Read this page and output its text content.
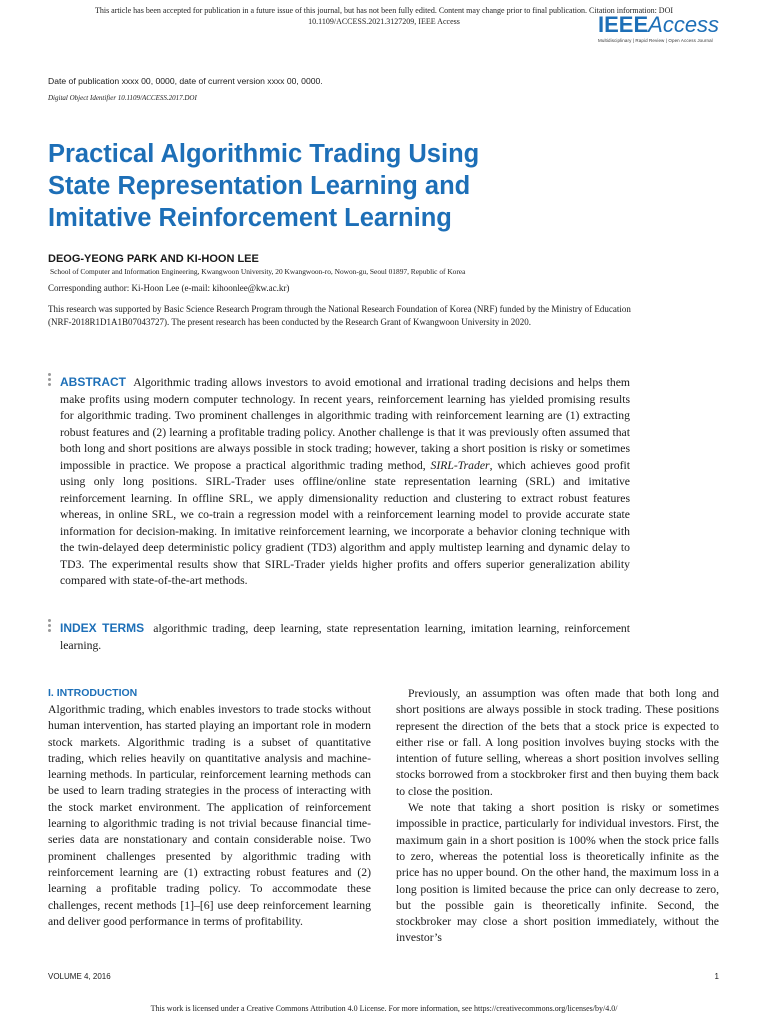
This article has been accepted for publication in a future issue of this journal, but has not been fully edited. Content may change prior to final publication. Citation information: DOI
10.1109/ACCESS.2021.3127209, IEEE Access	IEEEAccess
Multidisciplinary | Rapid Review | Open Access Journal
Date of publication xxxx 00, 0000, date of current version xxxx 00, 0000.
Digital Object Identifier 10.1109/ACCESS.2017.DOI
Practical Algorithmic Trading Using
State Representation Learning and
Imitative Reinforcement Learning
DEOG-YEONG PARK AND KI-HOON LEE
School of Computer and Information Engineering, Kwangwoon University, 20 Kwangwoon-ro, Nowon-gu, Seoul 01897, Republic of Korea
Corresponding author: Ki-Hoon Lee (e-mail: kihoonlee@kw.ac.kr)
This research was supported by Basic Science Research Program through the National Research Foundation of Korea (NRF) funded by the Ministry of Education (NRF-2018R1D1A1B07043727). The present research has been conducted by the Research Grant of Kwangwoon University in 2020.
ABSTRACT Algorithmic trading allows investors to avoid emotional and irrational trading decisions and helps them make profits using modern computer technology. In recent years, reinforcement learning has yielded promising results for algorithmic trading. Two prominent challenges in algorithmic trading with reinforcement learning are (1) extracting robust features and (2) learning a profitable trading policy. Another challenge is that it was previously often assumed that both long and short positions are always possible in stock trading; however, taking a short position is risky or sometimes impossible in practice. We propose a practical algorithmic trading method, SIRL-Trader, which achieves good profit using only long positions. SIRL-Trader uses offline/online state representation learning (SRL) and imitative reinforcement learning. In offline SRL, we apply dimensionality reduction and clustering to extract robust features whereas, in online SRL, we co-train a regression model with a reinforcement learning model to provide accurate state information for decision-making. In imitative reinforcement learning, we incorporate a behavior cloning technique with the twin-delayed deep deterministic policy gradient (TD3) algorithm and apply multistep learning and dynamic delay to TD3. The experimental results show that SIRL-Trader yields higher profits and offers superior generalization ability compared with state-of-the-art methods.
INDEX TERMS algorithmic trading, deep learning, state representation learning, imitation learning, reinforcement learning.
I. INTRODUCTION

Algorithmic trading, which enables investors to trade stocks without human intervention, has started playing an important role in modern stock markets. Algorithmic trading is a subset of quantitative trading, which relies heavily on quantitative analysis and machine-learning methods. In particular, reinforcement learning methods can be used to learn trading strategies in the process of interacting with the stock market environment. The application of reinforcement learning to algorithmic trading is not trivial because financial time-series data are nonstationary and contain considerable noise. Two prominent challenges presented by algorithmic trading with reinforcement learning are (1) extracting robust features and (2) learning a profitable trading policy. To accommodate these challenges, recent methods [1]–[6] use deep reinforcement learning and deliver good performance in terms of profitability.

Previously, an assumption was often made that both long and short positions are always possible in stock trading. These positions represent the direction of the bets that a stock price is expected to either rise or fall. A long position involves buying stocks with the intention of future selling, whereas a short position involves selling stocks borrowed from a stockbroker first and then buying them back to close the position.

We note that taking a short position is risky or sometimes impossible in practice, particularly for individual investors. First, the maximum gain in a short position is 100% when the stock price falls to zero, whereas the potential loss is theoretically infinite as the price has no upper bound. On the other hand, the maximum loss in a long position is limited because the price can only decrease to zero, but the possible gain is theoretically infinite. Second, the stockbroker may close a short position immediately, without the investor’s

VOLUME 4, 2016	1
This work is licensed under a Creative Commons Attribution 4.0 License. For more information, see https://creativecommons.org/licenses/by/4.0/
